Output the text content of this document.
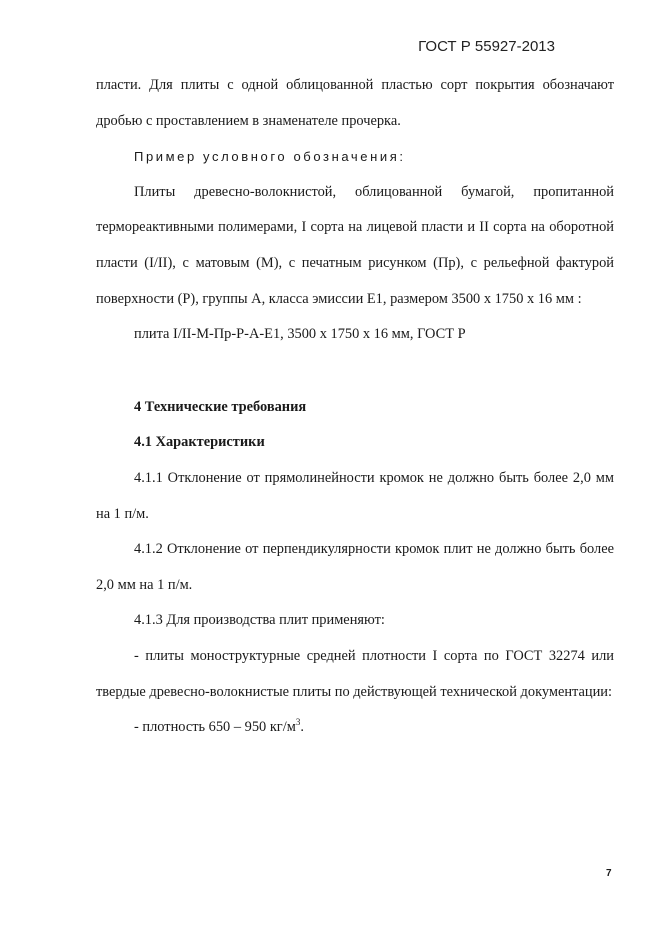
ГОСТ Р 55927-2013

пласти. Для плиты с одной облицованной пластью сорт покрытия обозначают дробью с проставлением в знаменателе прочерка.

Пример условного обозначения:

Плиты древесно-волокнистой, облицованной бумагой, пропитанной термореактивными полимерами, I сорта на лицевой пласти и II сорта на оборотной пласти (I/II), с матовым (М), с печатным рисунком (Пр), с рельефной фактурой поверхности (Р), группы А, класса эмиссии Е1, размером 3500 x 1750 x 16 мм :

плита I/II-М-Пр-Р-А-Е1, 3500 x 1750 x 16 мм, ГОСТ Р

4 Технические требования

4.1 Характеристики

4.1.1 Отклонение от прямолинейности кромок не должно быть более 2,0 мм на 1 п/м.

4.1.2 Отклонение от перпендикулярности кромок плит не должно быть более 2,0 мм на 1 п/м.

4.1.3 Для производства плит применяют:

- плиты моноструктурные средней плотности I сорта по ГОСТ 32274 или твердые древесно-волокнистые плиты по действующей технической документации:

- плотность 650 – 950 $кг/м^3$.

7
